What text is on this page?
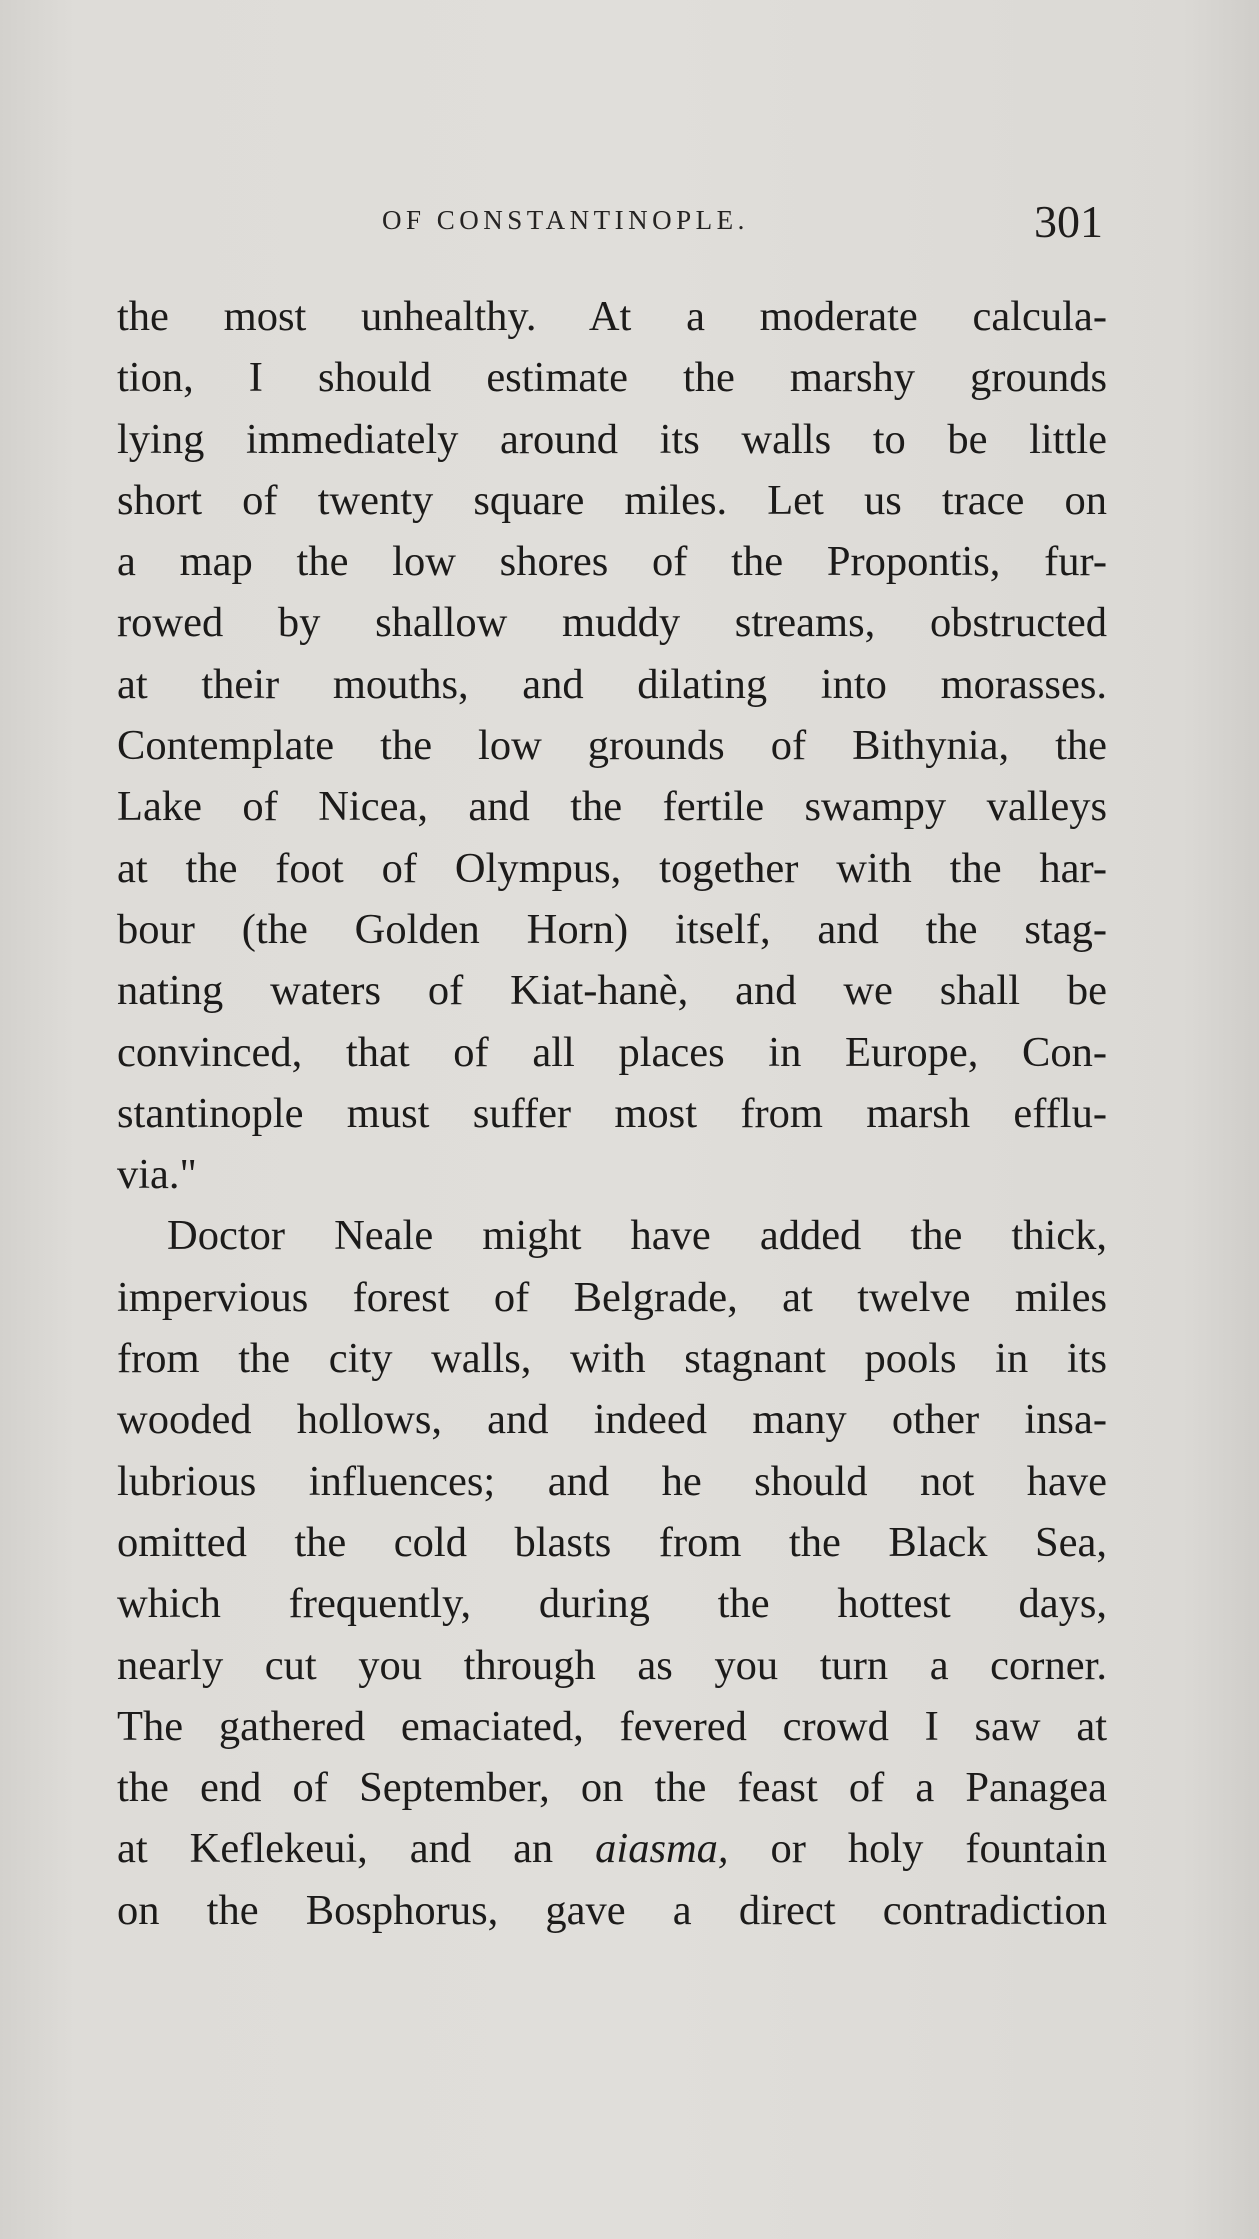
OF CONSTANTINOPLE.	301
the most unhealthy. At a moderate calcula-
tion, I should estimate the marshy grounds
lying immediately around its walls to be little
short of twenty square miles. Let us trace on
a map the low shores of the Propontis, fur-
rowed by shallow muddy streams, obstructed
at their mouths, and dilating into morasses.
Contemplate the low grounds of Bithynia, the
Lake of Nicea, and the fertile swampy valleys
at the foot of Olympus, together with the har-
bour (the Golden Horn) itself, and the stag-
nating waters of Kiat-hanè, and we shall be
convinced, that of all places in Europe, Con-
stantinople must suffer most from marsh efflu-
via."
Doctor Neale might have added the thick,
impervious forest of Belgrade, at twelve miles
from the city walls, with stagnant pools in its
wooded hollows, and indeed many other insa-
lubrious influences; and he should not have
omitted the cold blasts from the Black Sea,
which frequently, during the hottest days,
nearly cut you through as you turn a corner.
The gathered emaciated, fevered crowd I saw at
the end of September, on the feast of a Panagea
at Keflekeui, and an aiasma, or holy fountain
on the Bosphorus, gave a direct contradiction
